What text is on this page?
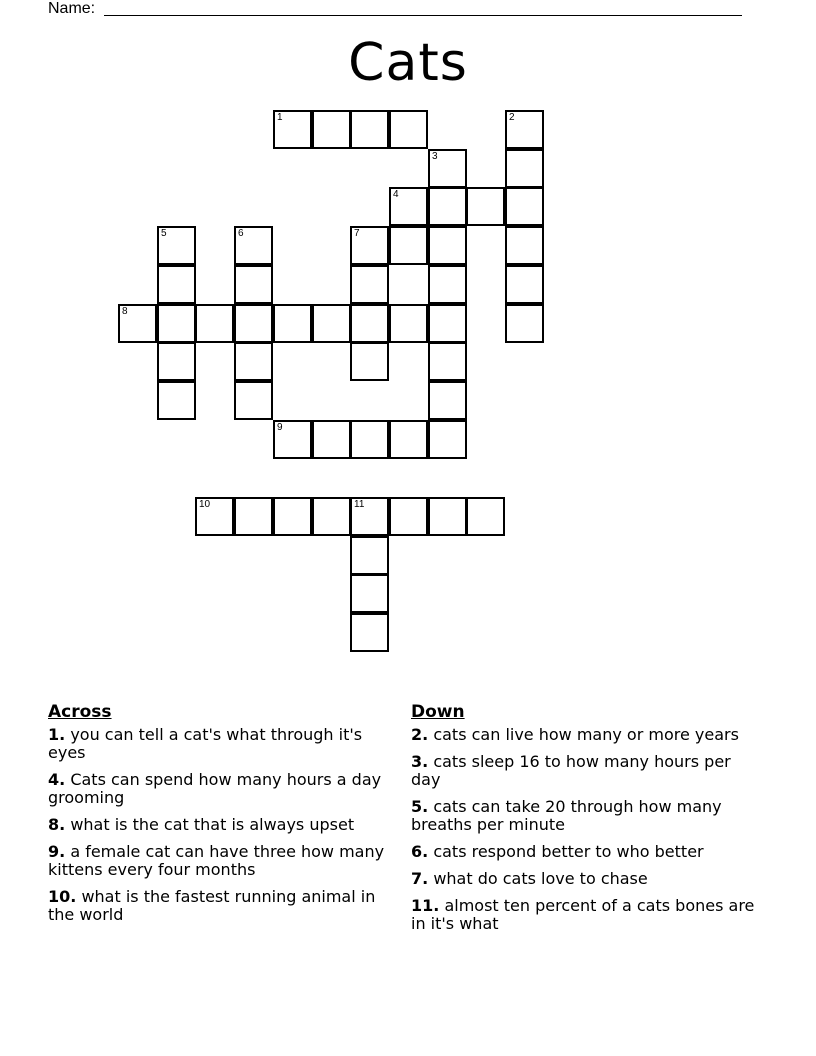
Name:
Cats
1
4
8
9
10	11
2
3
5	6	7
Across
1. you can tell a cat's what through it's eyes
4. Cats can spend how many hours a day grooming
8. what is the cat that is always upset
9. a female cat can have three how many kittens every four months
10. what is the fastest running animal in the world
Down
2. cats can live how many or more years
3. cats sleep 16 to how many hours per day
5. cats can take 20 through how many breaths per minute
6. cats respond better to who better
7. what do cats love to chase
11. almost ten percent of a cats bones are in it's what
